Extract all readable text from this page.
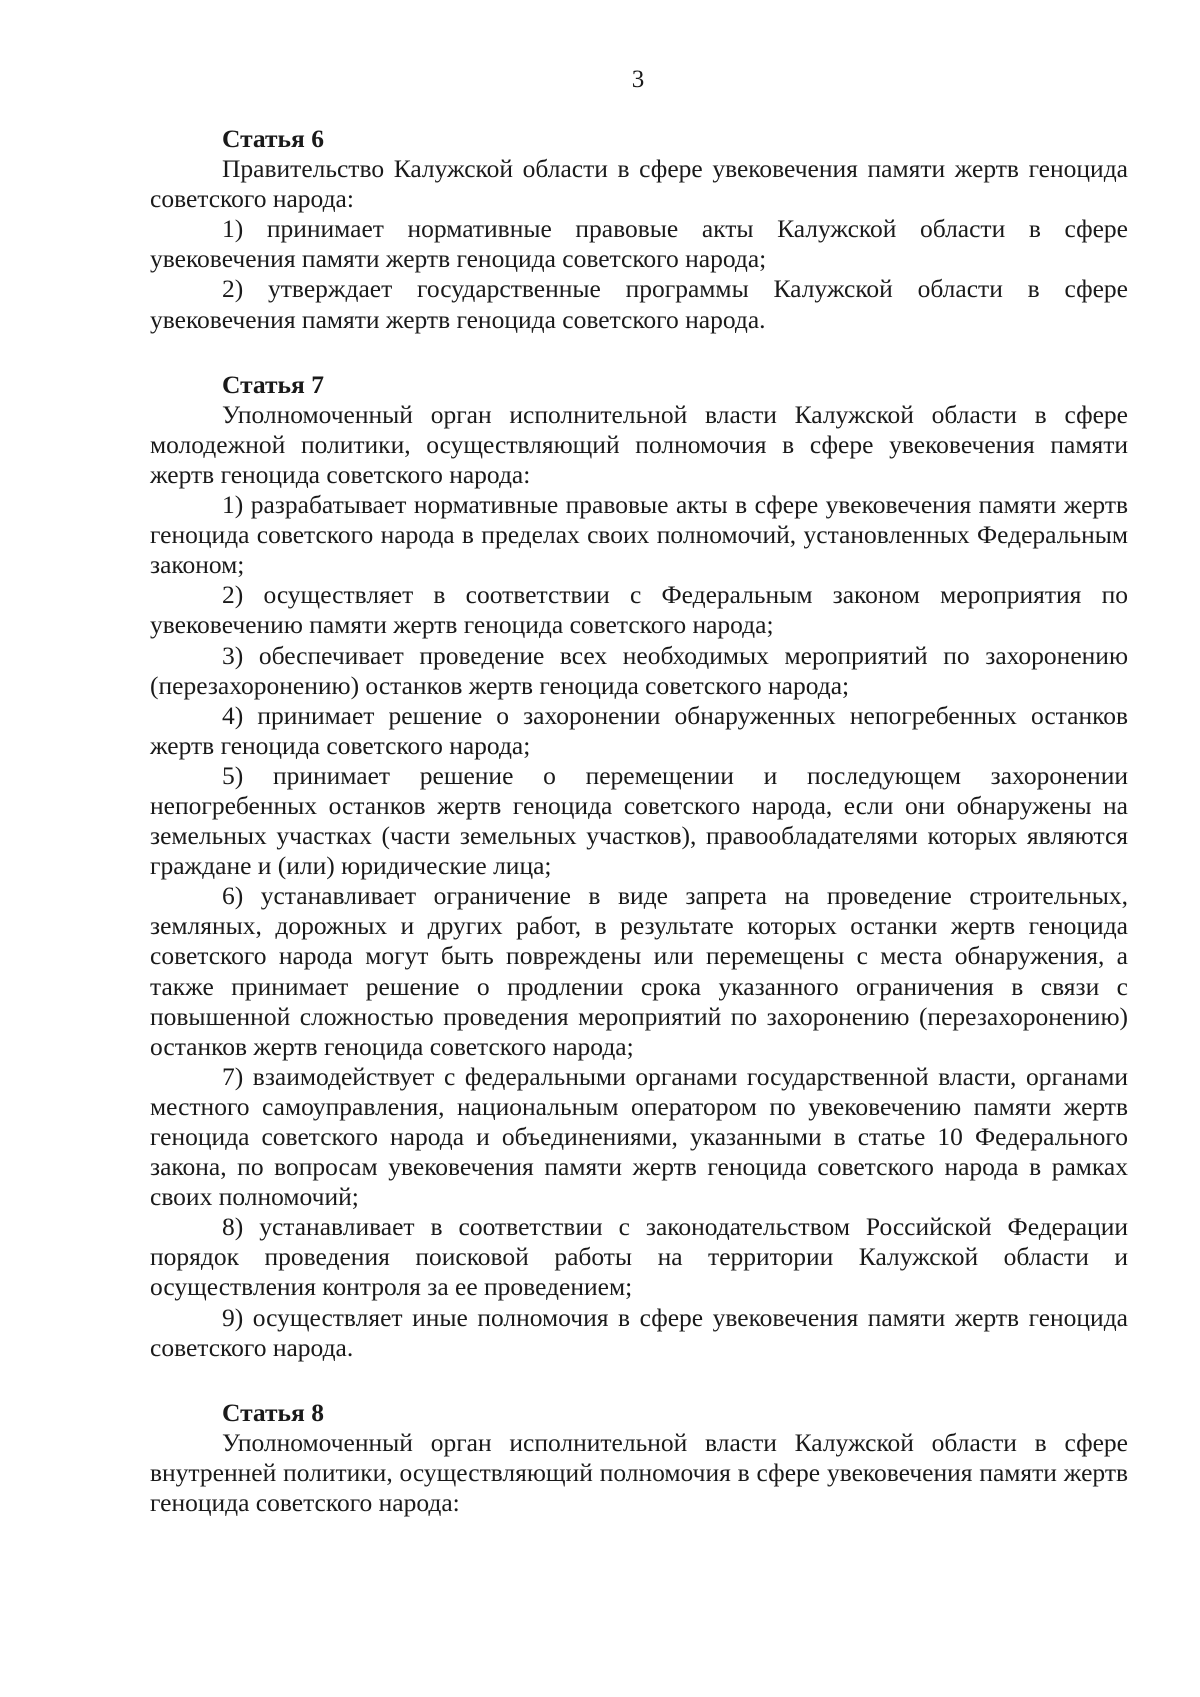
3

Статья 6

Правительство Калужской области в сфере увековечения памяти жертв геноцида советского народа:

1) принимает нормативные правовые акты Калужской области в сфере увековечения памяти жертв геноцида советского народа;

2) утверждает государственные программы Калужской области в сфере увековечения памяти жертв геноцида советского народа.

Статья 7

Уполномоченный орган исполнительной власти Калужской области в сфере молодежной политики, осуществляющий полномочия в сфере увековечения памяти жертв геноцида советского народа:

1) разрабатывает нормативные правовые акты в сфере увековечения памяти жертв геноцида советского народа в пределах своих полномочий, установленных Федеральным законом;

2) осуществляет в соответствии с Федеральным законом мероприятия по увековечению памяти жертв геноцида советского народа;

3) обеспечивает проведение всех необходимых мероприятий по захоронению (перезахоронению) останков жертв геноцида советского народа;

4) принимает решение о захоронении обнаруженных непогребенных останков жертв геноцида советского народа;

5) принимает решение о перемещении и последующем захоронении непогребенных останков жертв геноцида советского народа, если они обнаружены на земельных участках (части земельных участков), правообладателями которых являются граждане и (или) юридические лица;

6) устанавливает ограничение в виде запрета на проведение строительных, земляных, дорожных и других работ, в результате которых останки жертв геноцида советского народа могут быть повреждены или перемещены с места обнаружения, а также принимает решение о продлении срока указанного ограничения в связи с повышенной сложностью проведения мероприятий по захоронению (перезахоронению) останков жертв геноцида советского народа;

7) взаимодействует с федеральными органами государственной власти, органами местного самоуправления, национальным оператором по увековечению памяти жертв геноцида советского народа и объединениями, указанными в статье 10 Федерального закона, по вопросам увековечения памяти жертв геноцида советского народа в рамках своих полномочий;

8) устанавливает в соответствии с законодательством Российской Федерации порядок проведения поисковой работы на территории Калужской области и осуществления контроля за ее проведением;

9) осуществляет иные полномочия в сфере увековечения памяти жертв геноцида советского народа.

Статья 8

Уполномоченный орган исполнительной власти Калужской области в сфере внутренней политики, осуществляющий полномочия в сфере увековечения памяти жертв геноцида советского народа:
